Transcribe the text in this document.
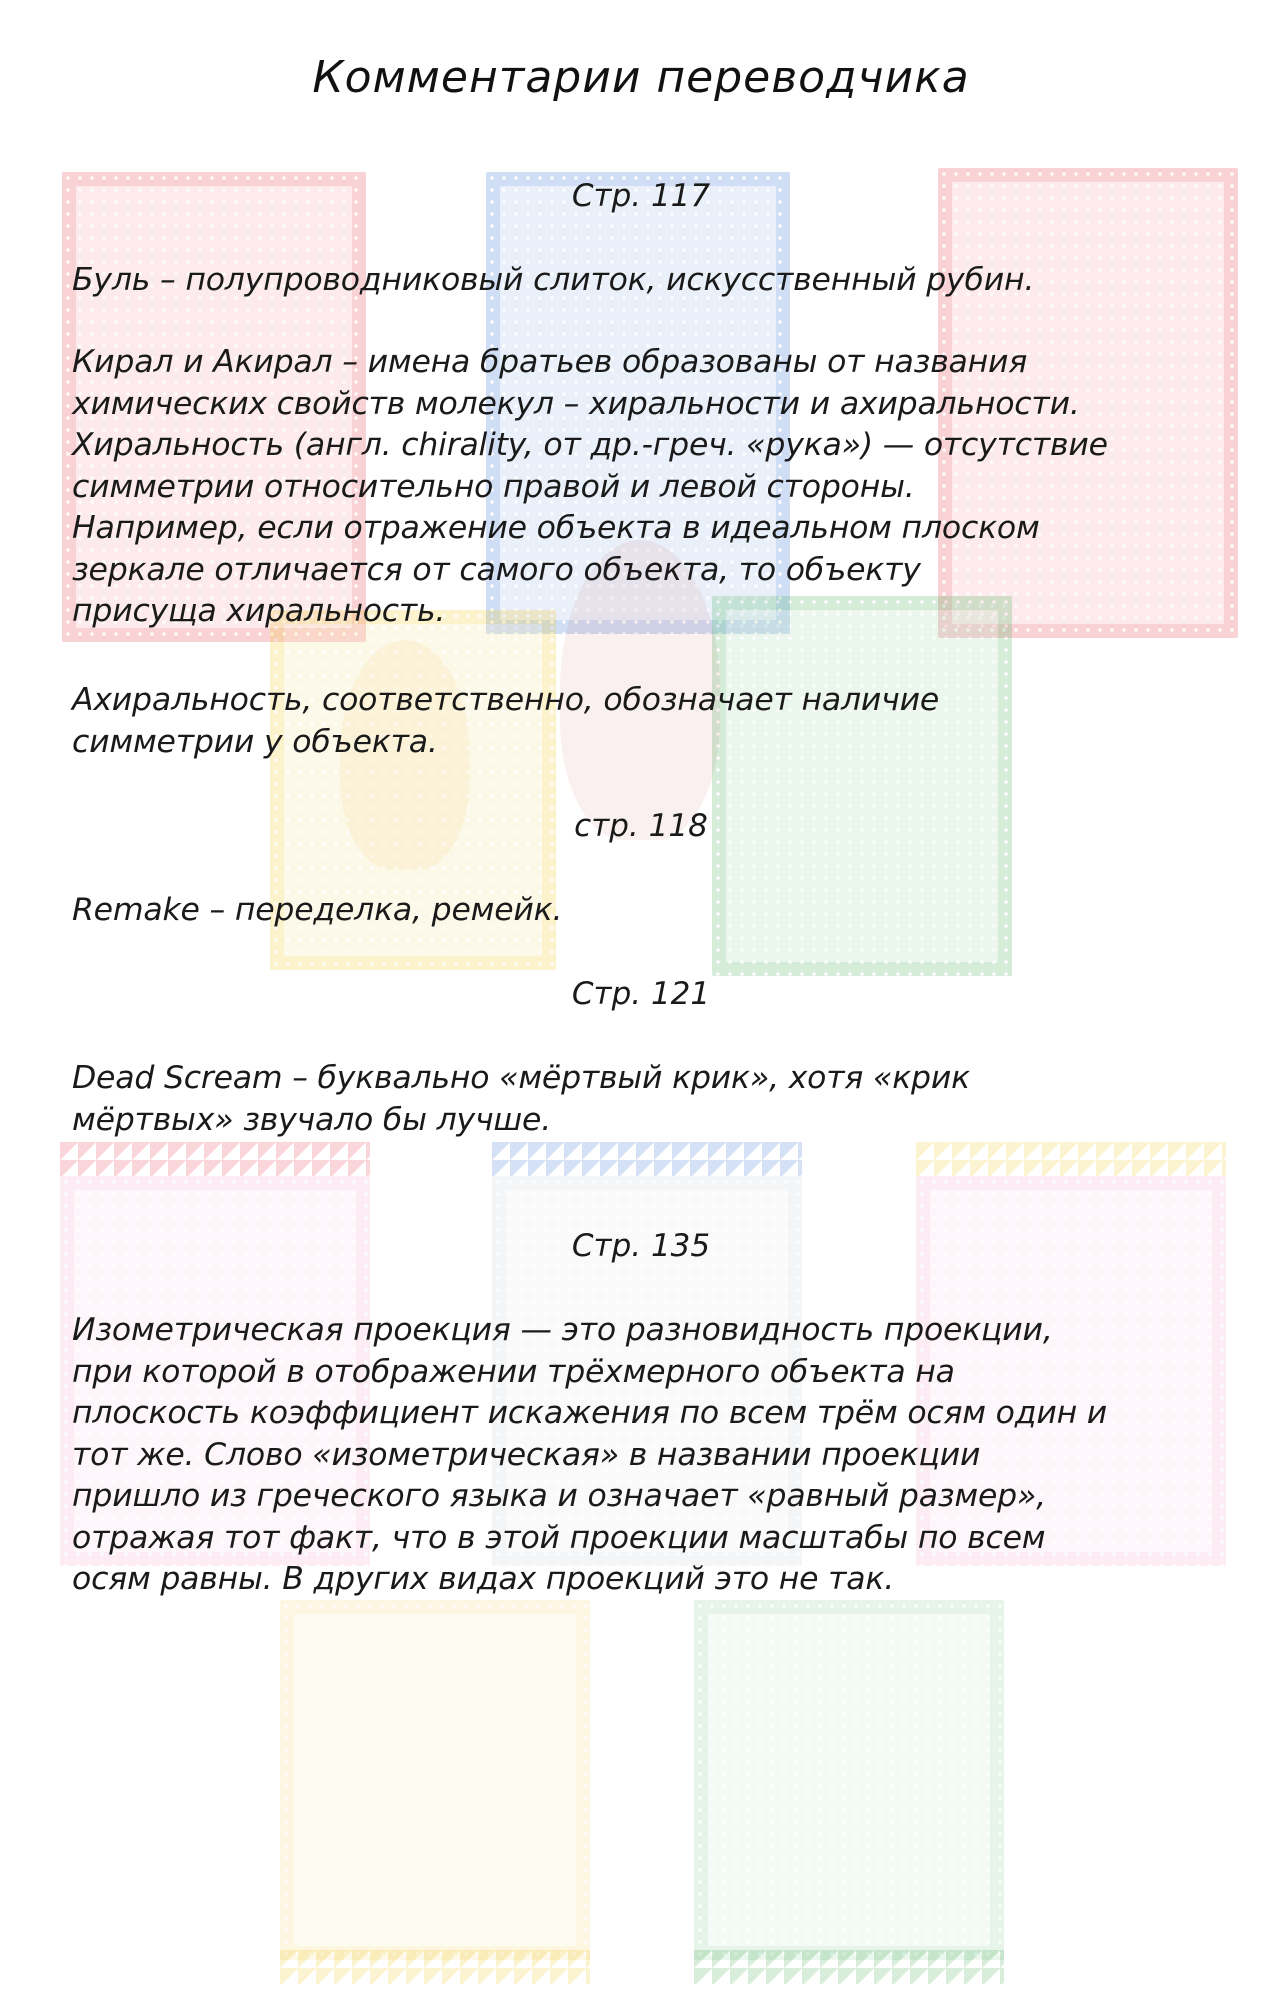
Комментарии переводчика
Стр. 117
Буль – полупроводниковый слиток, искусственный рубин.
Кирал и Акирал – имена братьев образованы от названия
химических свойств молекул – хиральности и ахиральности.
Хиральность (англ. chirality, от др.-греч. «рука») — отсутствие
симметрии относительно правой и левой стороны.
Например, если отражение объекта в идеальном плоском
зеркале отличается от самого объекта, то объекту
присуща хиральность.
Ахиральность, соответственно, обозначает наличие
симметрии у объекта.
стр. 118
Remake – переделка, ремейк.
Стр. 121
Dead Scream – буквально «мёртвый крик», хотя «крик
мёртвых» звучало бы лучше.
Стр. 135
Изометрическая проекция — это разновидность проекции,
при которой в отображении трёхмерного объекта на
плоскость коэффициент искажения по всем трём осям один и
тот же. Слово «изометрическая» в названии проекции
пришло из греческого языка и означает «равный размер»,
отражая тот факт, что в этой проекции масштабы по всем
осям равны. В других видах проекций это не так.
